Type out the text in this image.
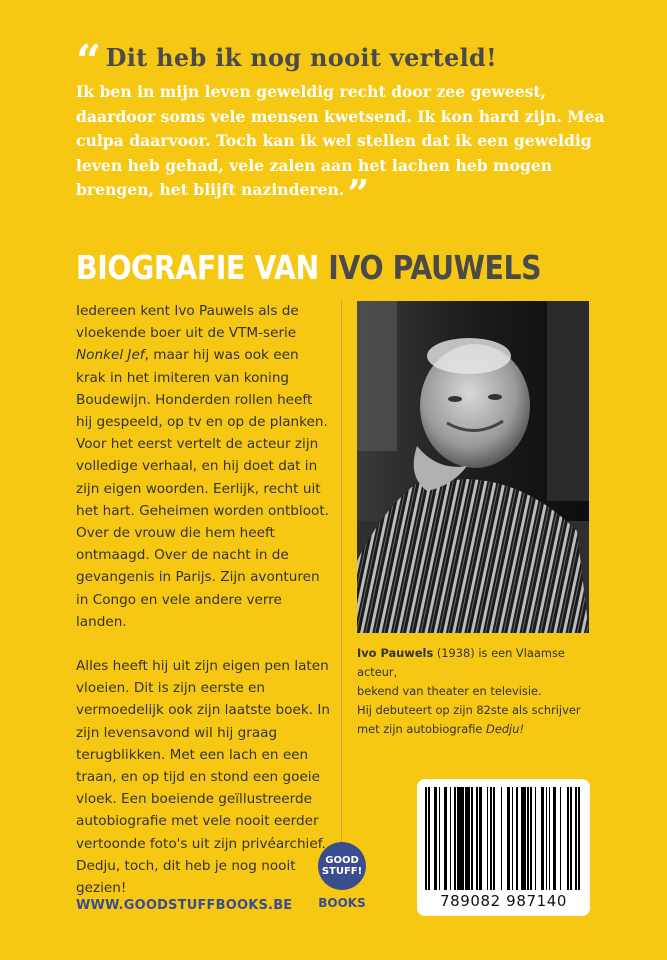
“ Dit heb ik nog nooit verteld!
Ik ben in mijn leven geweldig recht door zee geweest, daardoor soms vele mensen kwetsend. Ik kon hard zijn. Mea culpa daarvoor. Toch kan ik wel stellen dat ik een geweldig leven heb gehad, vele zalen aan het lachen heb mogen brengen, het blijft nazinderen.”
BIOGRAFIE VAN IVO PAUWELS

Iedereen kent Ivo Pauwels als de vloekende boer uit de VTM-serie Nonkel Jef, maar hij was ook een krak in het imiteren van koning Boudewijn. Honderden rollen heeft hij gespeeld, op tv en op de planken. Voor het eerst vertelt de acteur zijn volledige verhaal, en hij doet dat in zijn eigen woorden. Eerlijk, recht uit het hart. Geheimen worden ontbloot. Over de vrouw die hem heeft ontmaagd. Over de nacht in de gevangenis in Parijs. Zijn avonturen in Congo en vele andere verre landen.

Alles heeft hij uit zijn eigen pen laten vloeien. Dit is zijn eerste en vermoedelijk ook zijn laatste boek. In zijn levensavond wil hij graag terugblikken. Met een lach en een traan, en op tijd en stond een goeie vloek. Een boeiende geïllustreerde autobiografie met vele nooit eerder vertoonde foto's uit zijn privéarchief. Dedju, toch, dit heb je nog nooit gezien!

Ivo Pauwels (1938) is een Vlaamse acteur,
bekend van theater en televisie.
Hij debuteert op zijn 82ste als schrijver
met zijn autobiografie Dedju!
789082 987140
GOOD
STUFF!
BOOKS
WWW.GOODSTUFFBOOKS.BE
